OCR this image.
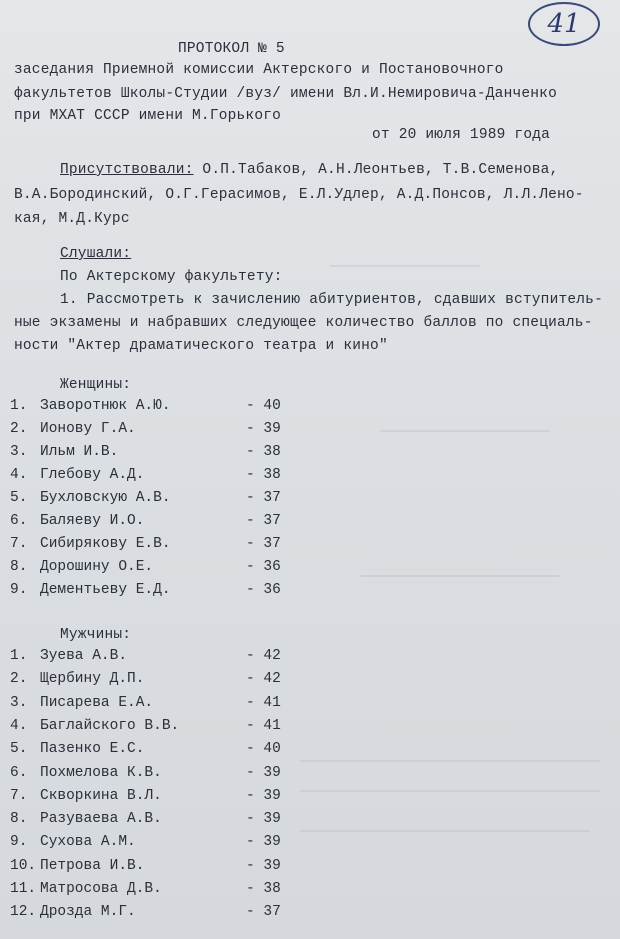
41
ПРОТОКОЛ № 5
заседания Приемной комиссии Актерского и Постановочного
факультетов Школы-Студии /вуз/ имени Вл.И.Немировича-Данченко
при МХАТ СССР имени М.Горького
от 20 июля 1989 года
Присутствовали: О.П.Табаков, А.Н.Леонтьев, Т.В.Семенова,
В.А.Бородинский, О.Г.Герасимов, Е.Л.Удлер, А.Д.Понсов, Л.Л.Лено-
кая, М.Д.Курс
Слушали:
По Актерскому факультету:
1. Рассмотреть к зачислению абитуриентов, сдавших вступитель-
ные экзамены и набравших следующее количество баллов по специаль-
ности "Актер драматического театра и кино"
Женщины:
1. Заворотнюк А.Ю.	- 40
2. Ионову Г.А.	- 39
3. Ильм И.В.	- 38
4. Глебову А.Д.	- 38
5. Бухловскую А.В.	- 37
6. Баляеву И.О.	- 37
7. Сибирякову Е.В.	- 37
8. Дорошину О.Е.	- 36
9. Дементьеву Е.Д.	- 36
Мужчины:
1. Зуева А.В.	- 42
2. Щербину Д.П.	- 42
3. Писарева Е.А.	- 41
4. Баглайского В.В.	- 41
5. Пазенко Е.С.	- 40
6. Похмелова К.В.	- 39
7. Скворкина В.Л.	- 39
8. Разуваева А.В.	- 39
9. Сухова А.М.	- 39
10. Петрова И.В.	- 39
11. Матросова Д.В.	- 38
12. Дрозда М.Г.	- 37
